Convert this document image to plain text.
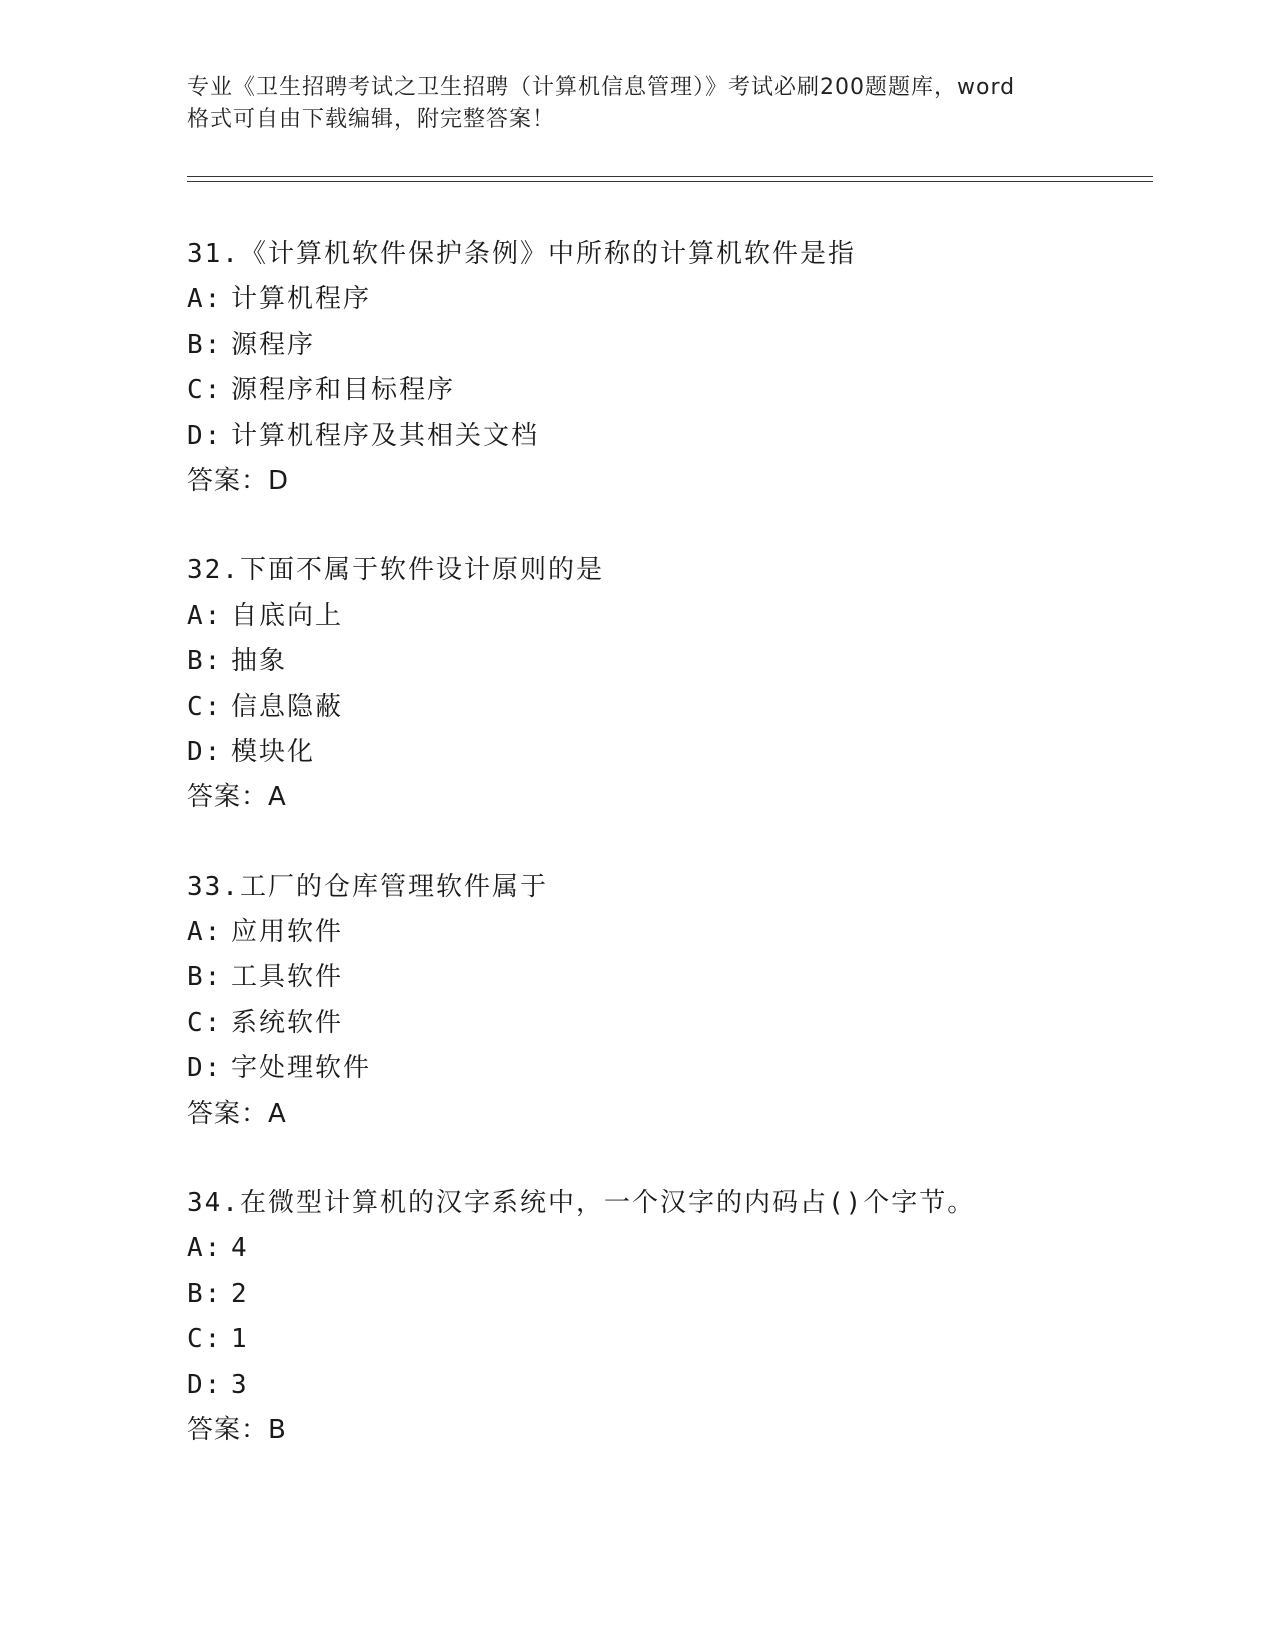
专业《卫生招聘考试之卫生招聘（计算机信息管理）》考试必刷200题题库，word
格式可自由下载编辑，附完整答案！
31.《计算机软件保护条例》中所称的计算机软件是指
A: 计算机程序
B: 源程序
C: 源程序和目标程序
D: 计算机程序及其相关文档
答案：D
32.下面不属于软件设计原则的是
A: 自底向上
B: 抽象
C: 信息隐蔽
D: 模块化
答案：A
33.工厂的仓库管理软件属于
A: 应用软件
B: 工具软件
C: 系统软件
D: 字处理软件
答案：A
34.在微型计算机的汉字系统中，一个汉字的内码占()个字节。
A: 4
B: 2
C: 1
D: 3
答案：B
